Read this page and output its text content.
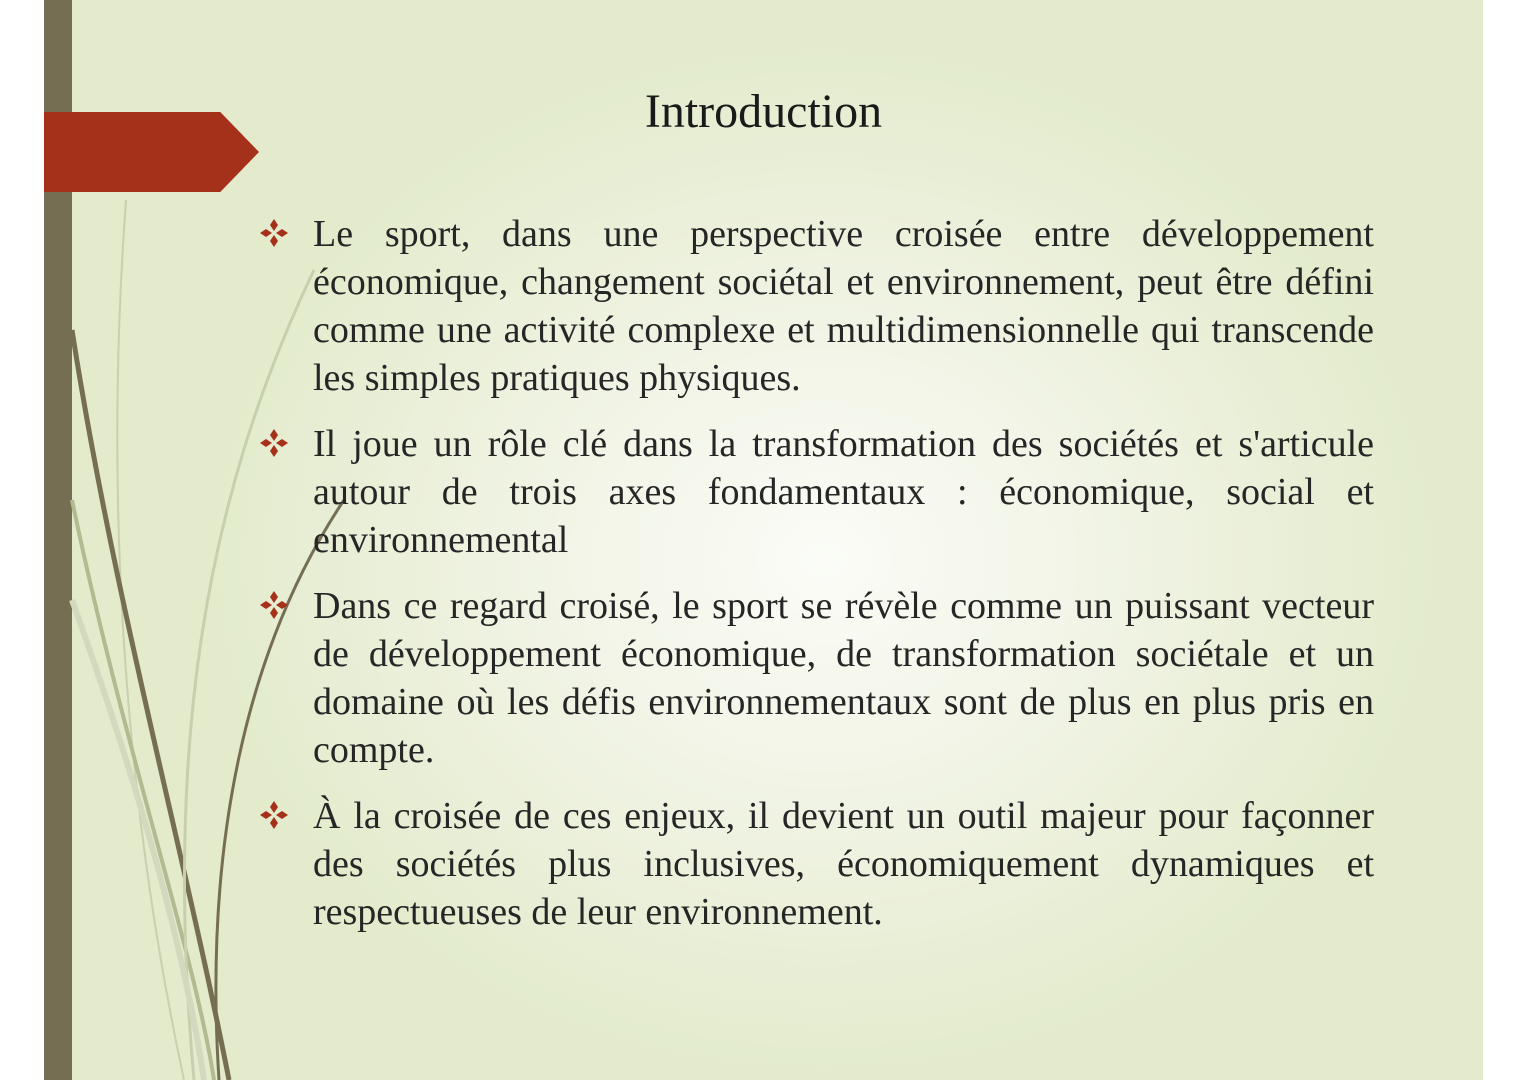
Introduction
Le sport, dans une perspective croisée entre développement économique, changement sociétal et environnement, peut être défini comme une activité complexe et multidimensionnelle qui transcende les simples pratiques physiques.
Il joue un rôle clé dans la transformation des sociétés et s'articule autour de trois axes fondamentaux : économique, social et environnemental
Dans ce regard croisé, le sport se révèle comme un puissant vecteur de développement économique, de transformation sociétale et un domaine où les défis environnementaux sont de plus en plus pris en compte.
À la croisée de ces enjeux, il devient un outil majeur pour façonner des sociétés plus inclusives, économiquement dynamiques et respectueuses de leur environnement.
